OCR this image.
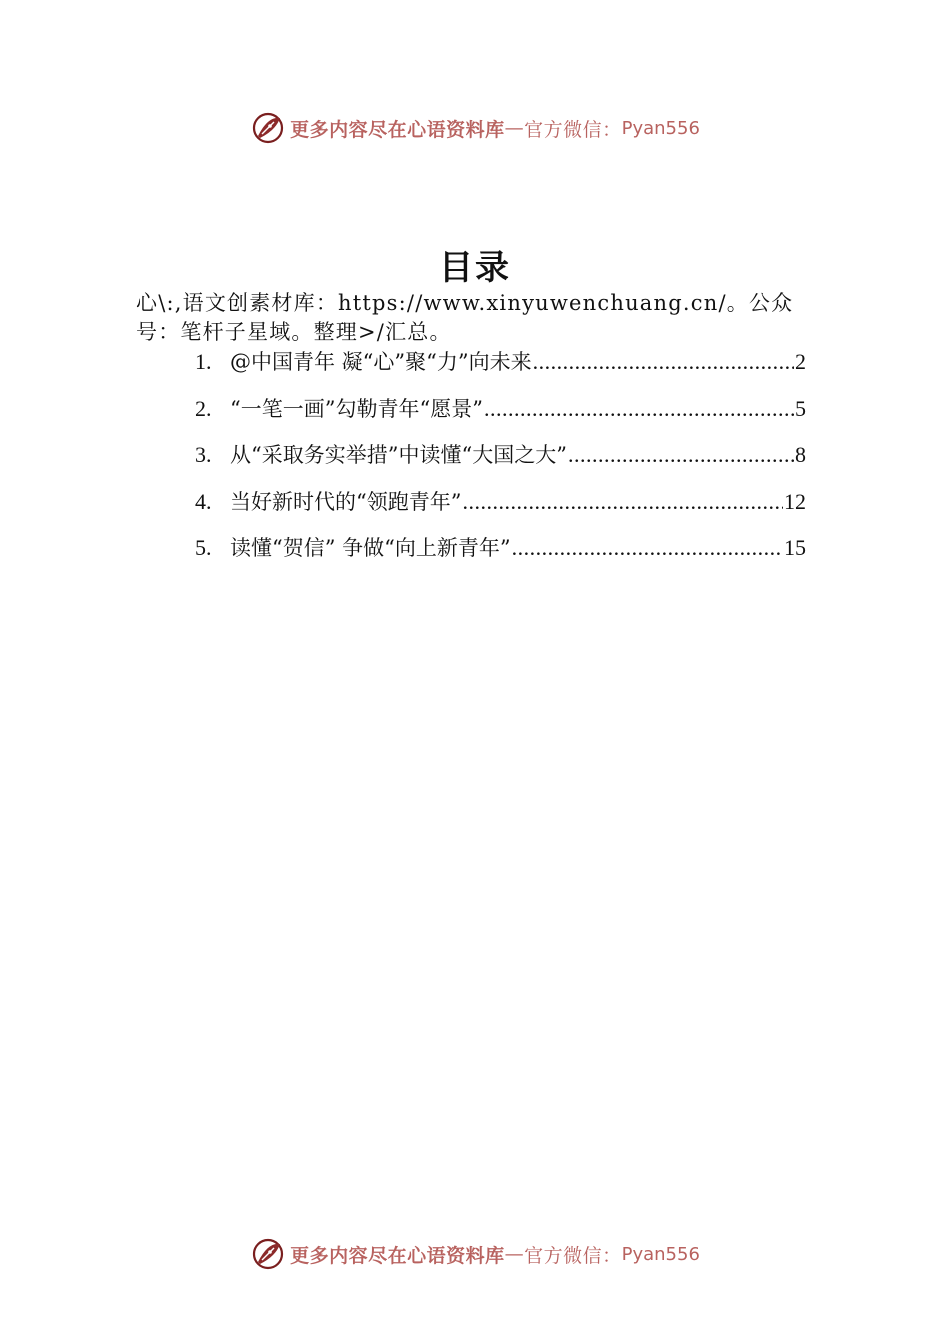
更多内容尽在心语资料库 — 官方微信： Pyan556
目录
心\:,语文创素材库：https://www.xinyuwenchuang.cn/。公众号：笔杆子星域。整理>/汇总。
1. @中国青年 凝“心”聚“力”向未来 .....	2
2. “一笔一画”勾勒青年“愿景” .....	5
3. 从“采取务实举措”中读懂“大国之大” .....	8
4. 当好新时代的“领跑青年” .....	12
5. 读懂“贺信” 争做“向上新青年” .....	15
更多内容尽在心语资料库 — 官方微信： Pyan556
